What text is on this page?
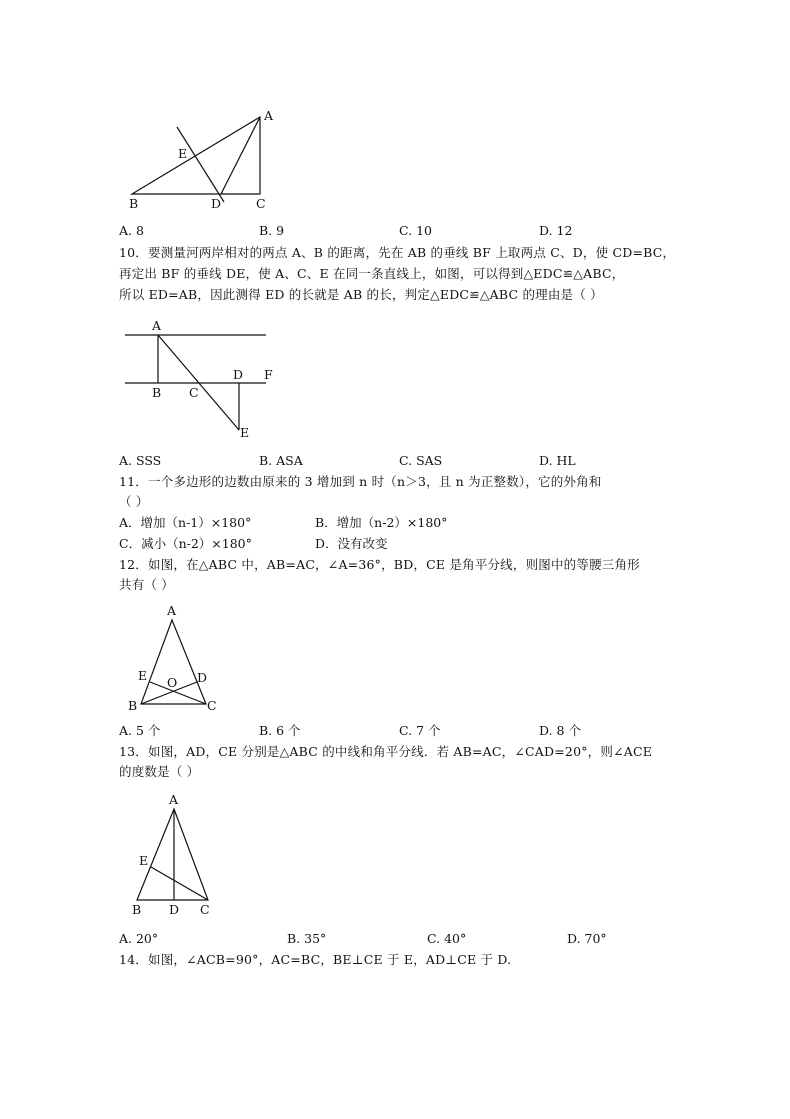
A
E
B	D	C
A. 8	B. 9	C. 10	D. 12
10．要测量河两岸相对的两点 A、B 的距离，先在 AB 的垂线 BF 上取两点 C、D，使 CD=BC，
再定出 BF 的垂线 DE，使 A、C、E 在同一条直线上，如图，可以得到△EDC≌△ABC，
所以 ED=AB，因此测得 ED 的长就是 AB 的长，判定△EDC≌△ABC 的理由是（ ）
A
D F
B C
E
A. SSS	B. ASA	C. SAS	D. HL
11．一个多边形的边数由原来的 3 增加到 n 时（n＞3，且 n 为正整数），它的外角和
（ ）
A．增加（n-1）×180°	B．增加（n-2）×180°
C．减小（n-2）×180°	D．没有改变
12．如图，在△ABC 中，AB=AC，∠A=36°，BD，CE 是角平分线，则图中的等腰三角形
共有（ ）
A
E O D
B	C
A. 5 个	B. 6 个	C. 7 个	D. 8 个
13．如图，AD，CE 分别是△ABC 的中线和角平分线．若 AB=AC，∠CAD=20°，则∠ACE
的度数是（ ）
A
E
B D C
A. 20°	B. 35°	C. 40°	D. 70°
14．如图，∠ACB=90°，AC=BC，BE⊥CE 于 E，AD⊥CE 于 D.
